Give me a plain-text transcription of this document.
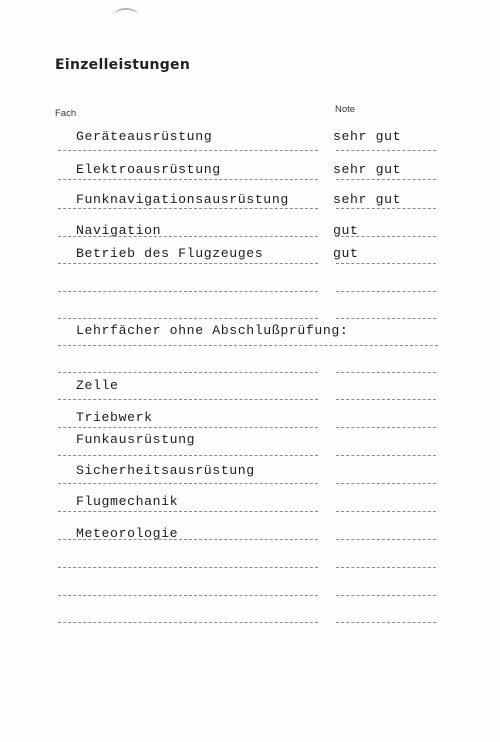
Einzelleistungen
Fach	Note
Geräteausrüstung	sehr gut
Elektroausrüstung	sehr gut
Funknavigationsausrüstung	sehr gut
Navigation	gut
Betrieb des Flugzeuges	gut
Lehrfächer ohne Abschlußprüfung:
Zelle
Triebwerk
Funkausrüstung
Sicherheitsausrüstung
Flugmechanik
Meteorologie
